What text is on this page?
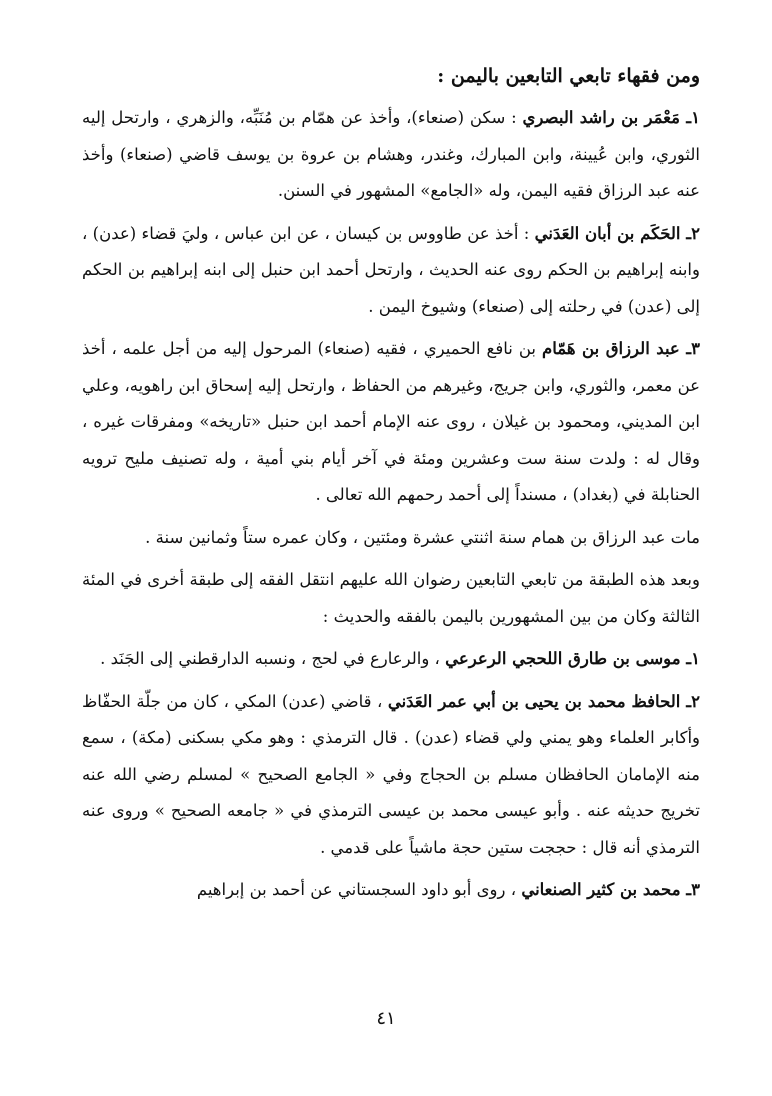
ومن فقهاء تابعي التابعين باليمن :

١ـ مَعْمَر بن راشد البصري : سكن (صنعاء)، وأخذ عن همّام بن مُنَبِّه، والزهري ، وارتحل إليه الثوري، وابن عُيينة، وابن المبارك، وغندر، وهشام بن عروة بن يوسف قاضي (صنعاء) وأخذ عنه عبد الرزاق فقيه اليمن، وله «الجامع» المشهور في السنن.

٢ـ الحَكَم بن أبان العَدَني : أخذ عن طاووس بن كيسان ، عن ابن عباس ، وليَ قضاء (عدن) ، وابنه إبراهيم بن الحكم روى عنه الحديث ، وارتحل أحمد ابن حنبل إلى ابنه إبراهيم بن الحكم إلى (عدن) في رحلته إلى (صنعاء) وشيوخ اليمن .

٣ـ عبد الرزاق بن هَمّام بن نافع الحميري ، فقيه (صنعاء) المرحول إليه من أجل علمه ، أخذ عن معمر، والثوري، وابن جريج، وغيرهم من الحفاظ ، وارتحل إليه إسحاق ابن راهويه، وعلي ابن المديني، ومحمود بن غيلان ، روى عنه الإمام أحمد ابن حنبل «تاريخه» ومفرقات غيره ، وقال له : ولدت سنة ست وعشرين ومئة في آخر أيام بني أمية ، وله تصنيف مليح ترويه الحنابلة في (بغداد) ، مسنداً إلى أحمد رحمهم الله تعالى .

مات عبد الرزاق بن همام سنة اثنتي عشرة ومئتين ، وكان عمره ستاً وثمانين سنة .

وبعد هذه الطبقة من تابعي التابعين رضوان الله عليهم انتقل الفقه إلى طبقة أخرى في المئة الثالثة وكان من بين المشهورين باليمن بالفقه والحديث :

١ـ موسى بن طارق اللحجي الرعرعي ، والرعارع في لحج ، ونسبه الدارقطني إلى الجَنَد .

٢ـ الحافظ محمد بن يحيى بن أبي عمر العَدَني ، قاضي (عدن) المكي ، كان من جلّة الحفّاظ وأكابر العلماء وهو يمني ولي قضاء (عدن) . قال الترمذي : وهو مكي بسكنى (مكة) ، سمع منه الإمامان الحافظان مسلم بن الحجاج وفي « الجامع الصحيح » لمسلم رضي الله عنه تخريج حديثه عنه . وأبو عيسى محمد بن عيسى الترمذي في « جامعه الصحيح » وروى عنه الترمذي أنه قال : حججت ستين حجة ماشياً على قدمي .

٣ـ محمد بن كثير الصنعاني ، روى أبو داود السجستاني عن أحمد بن إبراهيم

٤١
